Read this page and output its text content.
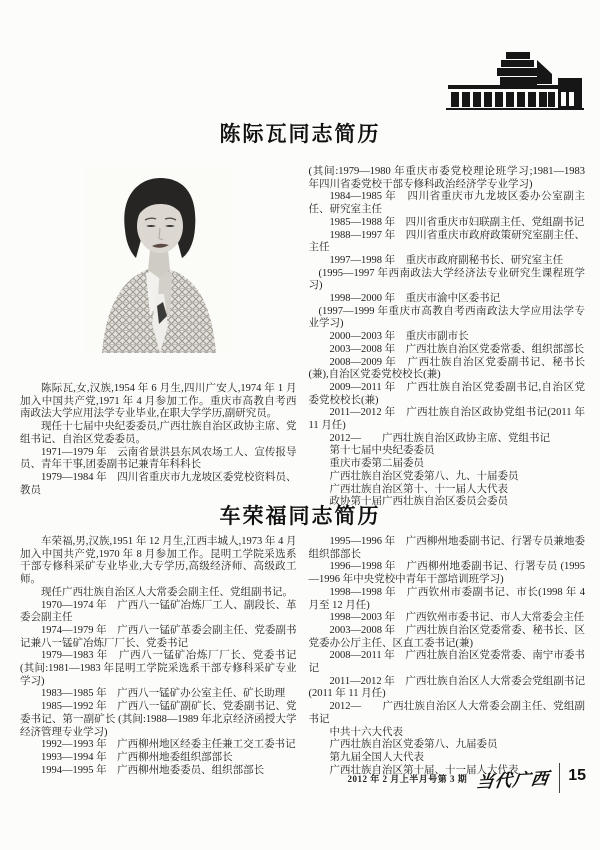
陈际瓦同志简历

陈际瓦,女,汉族,1954 年 6 月生,四川广安人,1974 年 1 月加入中国共产党,1971 年 4 月参加工作。重庆市高教自考西南政法大学应用法学专业毕业,在职大学学历,副研究员。

现任十七届中央纪委委员,广西壮族自治区政协主席、党组书记、自治区党委委员。

1971—1979 年　云南省景洪县东风农场工人、宣传报导员、青年干事,团委副书记兼青年科科长

1979—1984 年　四川省重庆市九龙坡区委党校资料员、教员

(其间:1979—1980 年重庆市委党校理论班学习;1981—1983 年四川省委党校干部专修科政治经济学专业学习)

1984—1985 年　四川省重庆市九龙坡区委办公室副主任、研究室主任

1985—1988 年　四川省重庆市妇联副主任、党组副书记

1988—1997 年　四川省重庆市政府政策研究室副主任、主任

1997—1998 年　重庆市政府副秘书长、研究室主任

(1995—1997 年西南政法大学经济法专业研究生课程班学习)

1998—2000 年　重庆市渝中区委书记

(1997—1999 年重庆市高教自考西南政法大学应用法学专业学习)

2000—2003 年　重庆市副市长

2003—2008 年　广西壮族自治区党委常委、组织部部长

2008—2009 年　广西壮族自治区党委副书记、秘书长(兼),自治区党委党校校长(兼)

2009—2011 年　广西壮族自治区党委副书记,自治区党委党校校长(兼)

2011—2012 年　广西壮族自治区政协党组书记(2011 年 11 月任)

2012—　　广西壮族自治区政协主席、党组书记

第十七届中央纪委委员

重庆市委第二届委员

广西壮族自治区党委第八、九、十届委员

广西壮族自治区第十、十一届人大代表

政协第十届广西壮族自治区委员会委员

车荣福同志简历

车荣福,男,汉族,1951 年 12 月生,江西丰城人,1973 年 4 月加入中国共产党,1970 年 8 月参加工作。昆明工学院采选系干部专修科采矿专业毕业,大专学历,高级经济师、高级政工师。

现任广西壮族自治区人大常委会副主任、党组副书记。

1970—1974 年　广西八一锰矿冶炼厂工人、副段长、革委会副主任

1974—1979 年　广西八一锰矿革委会副主任、党委副书记兼八一锰矿冶炼厂厂长、党委书记

1979—1983 年　广西八一锰矿冶炼厂厂长、党委书记 (其间:1981—1983 年昆明工学院采选系干部专修科采矿专业学习)

1983—1985 年　广西八一锰矿办公室主任、矿长助理

1985—1992 年　广西八一锰矿副矿长、党委副书记、党委书记、第一副矿长 (其间:1988—1989 年北京经济函授大学经济管理专业学习)

1992—1993 年　广西柳州地区经委主任兼工交工委书记

1993—1994 年　广西柳州地委组织部部长

1994—1995 年　广西柳州地委委员、组织部部长

1995—1996 年　广西柳州地委副书记、行署专员兼地委组织部部长

1996—1998 年　广西柳州地委副书记、行署专员 (1995—1996 年中央党校中青年干部培训班学习)

1998—1998 年　广西钦州市委副书记、市长(1998 年 4 月至 12 月任)

1998—2003 年　广西钦州市委书记、市人大常委会主任

2003—2008 年　广西壮族自治区党委常委、秘书长、区党委办公厅主任、区直工委书记(兼)

2008—2011 年　广西壮族自治区党委常委、南宁市委书记

2011—2012 年　广西壮族自治区人大常委会党组副书记(2011 年 11 月任)

2012—　　广西壮族自治区人大常委会副主任、党组副书记

中共十六大代表

广西壮族自治区党委第八、九届委员

第九届全国人大代表

广西壮族自治区第十届、十一届人大代表

2012 年 2 月上半月号第 3 期 当代广西	15
